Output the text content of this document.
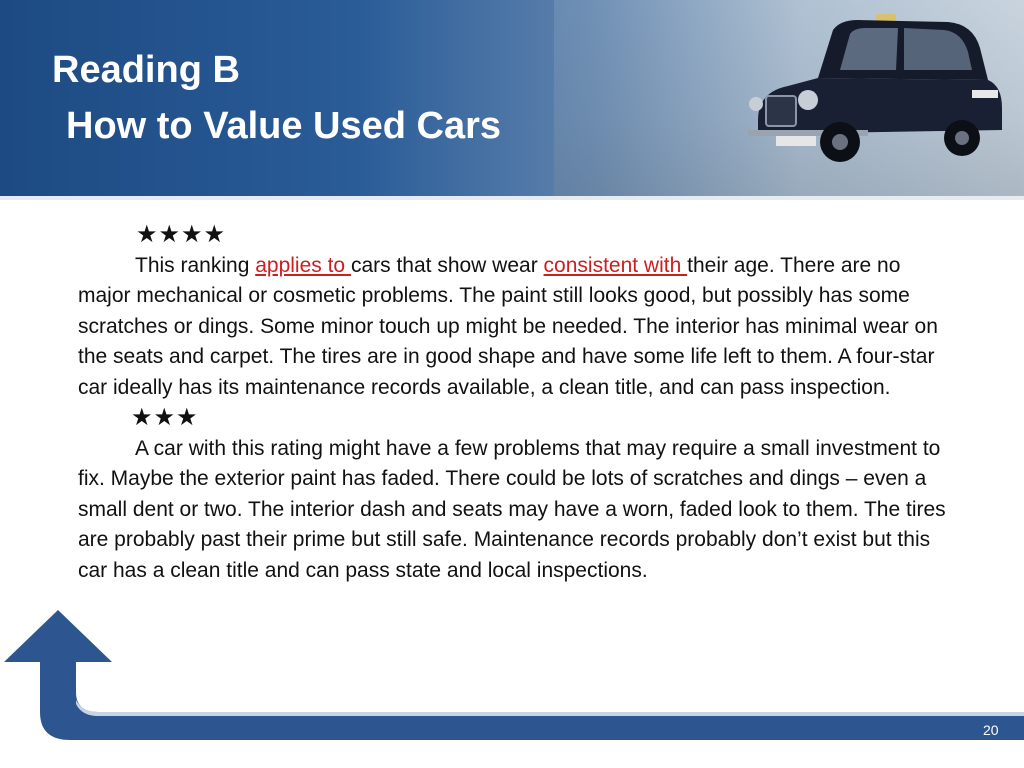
Reading B
How to Value Used Cars

★★★★

This ranking applies to cars that show wear consistent with their age. There are no major mechanical or cosmetic problems. The paint still looks good, but possibly has some scratches or dings. Some minor touch up might be needed. The interior has minimal wear on the seats and carpet. The tires are in good shape and have some life left to them. A four-star car ideally has its maintenance records available, a clean title, and can pass inspection.

★★★

A car with this rating might have a few problems that may require a small investment to fix. Maybe the exterior paint has faded. There could be lots of scratches and dings – even a small dent or two. The interior dash and seats may have a worn, faded look to them. The tires are probably past their prime but still safe. Maintenance records probably don’t exist but this car has a clean title and can pass state and local inspections.

20
